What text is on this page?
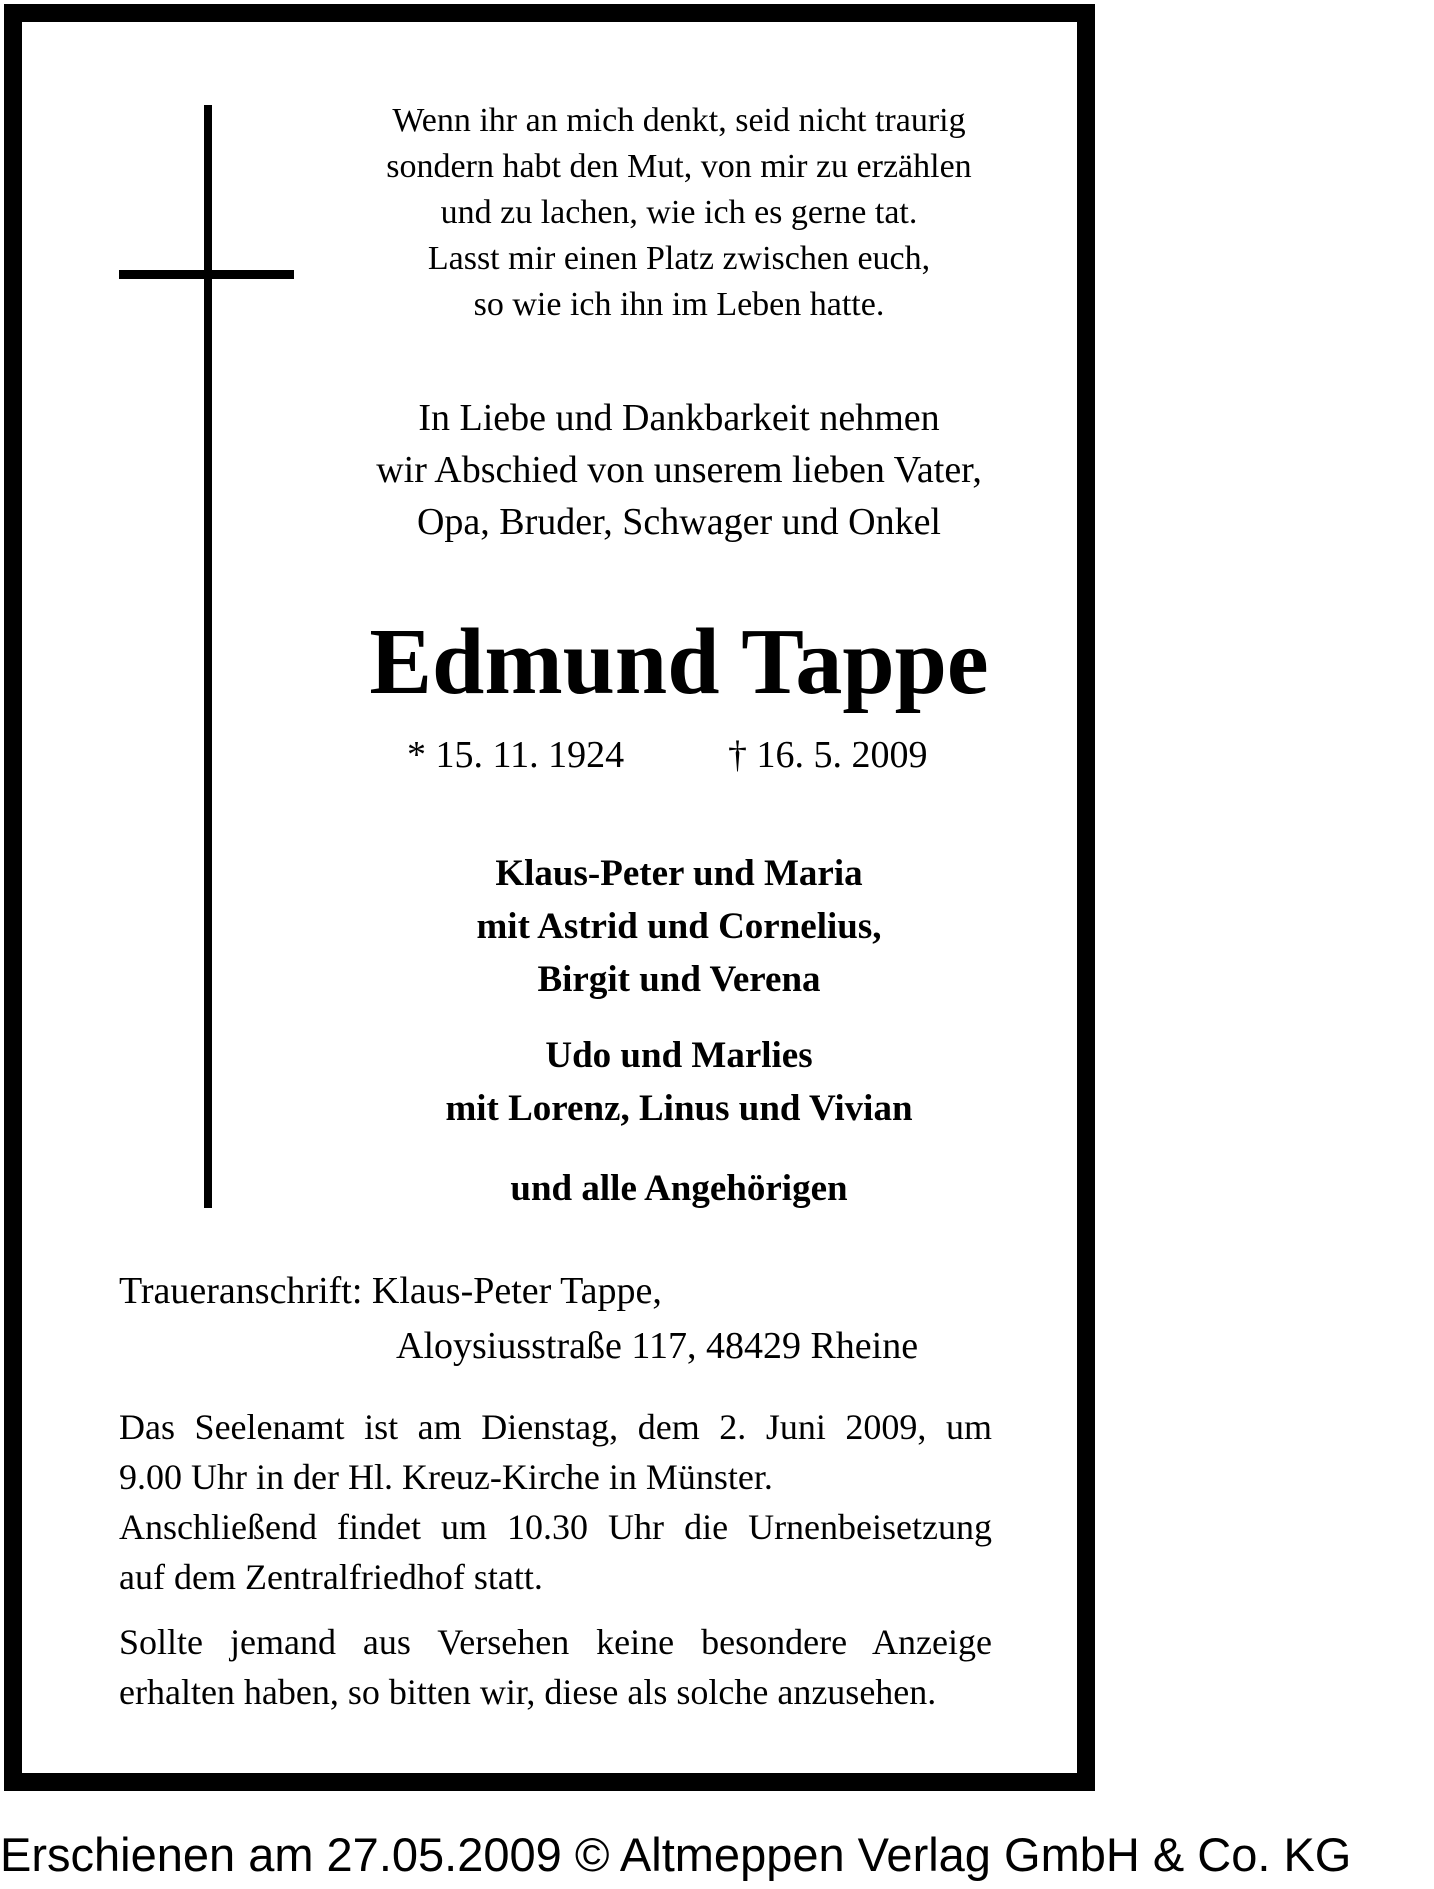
Wenn ihr an mich denkt, seid nicht traurig
sondern habt den Mut, von mir zu erzählen
und zu lachen, wie ich es gerne tat.
Lasst mir einen Platz zwischen euch,
so wie ich ihn im Leben hatte.
In Liebe und Dankbarkeit nehmen
wir Abschied von unserem lieben Vater,
Opa, Bruder, Schwager und Onkel
Edmund Tappe
* 15. 11. 1924	† 16. 5. 2009
Klaus-Peter und Maria
mit Astrid und Cornelius,
Birgit und Verena
Udo und Marlies
mit Lorenz, Linus und Vivian
und alle Angehörigen
Traueranschrift: Klaus-Peter Tappe,
Aloysiusstraße 117, 48429 Rheine
Das Seelenamt ist am Dienstag, dem 2. Juni 2009, um
9.00 Uhr in der Hl. Kreuz-Kirche in Münster.
Anschließend findet um 10.30 Uhr die Urnenbeisetzung
auf dem Zentralfriedhof statt.
Sollte jemand aus Versehen keine besondere Anzeige
erhalten haben, so bitten wir, diese als solche anzusehen.
Erschienen am 27.05.2009 © Altmeppen Verlag GmbH & Co. KG
